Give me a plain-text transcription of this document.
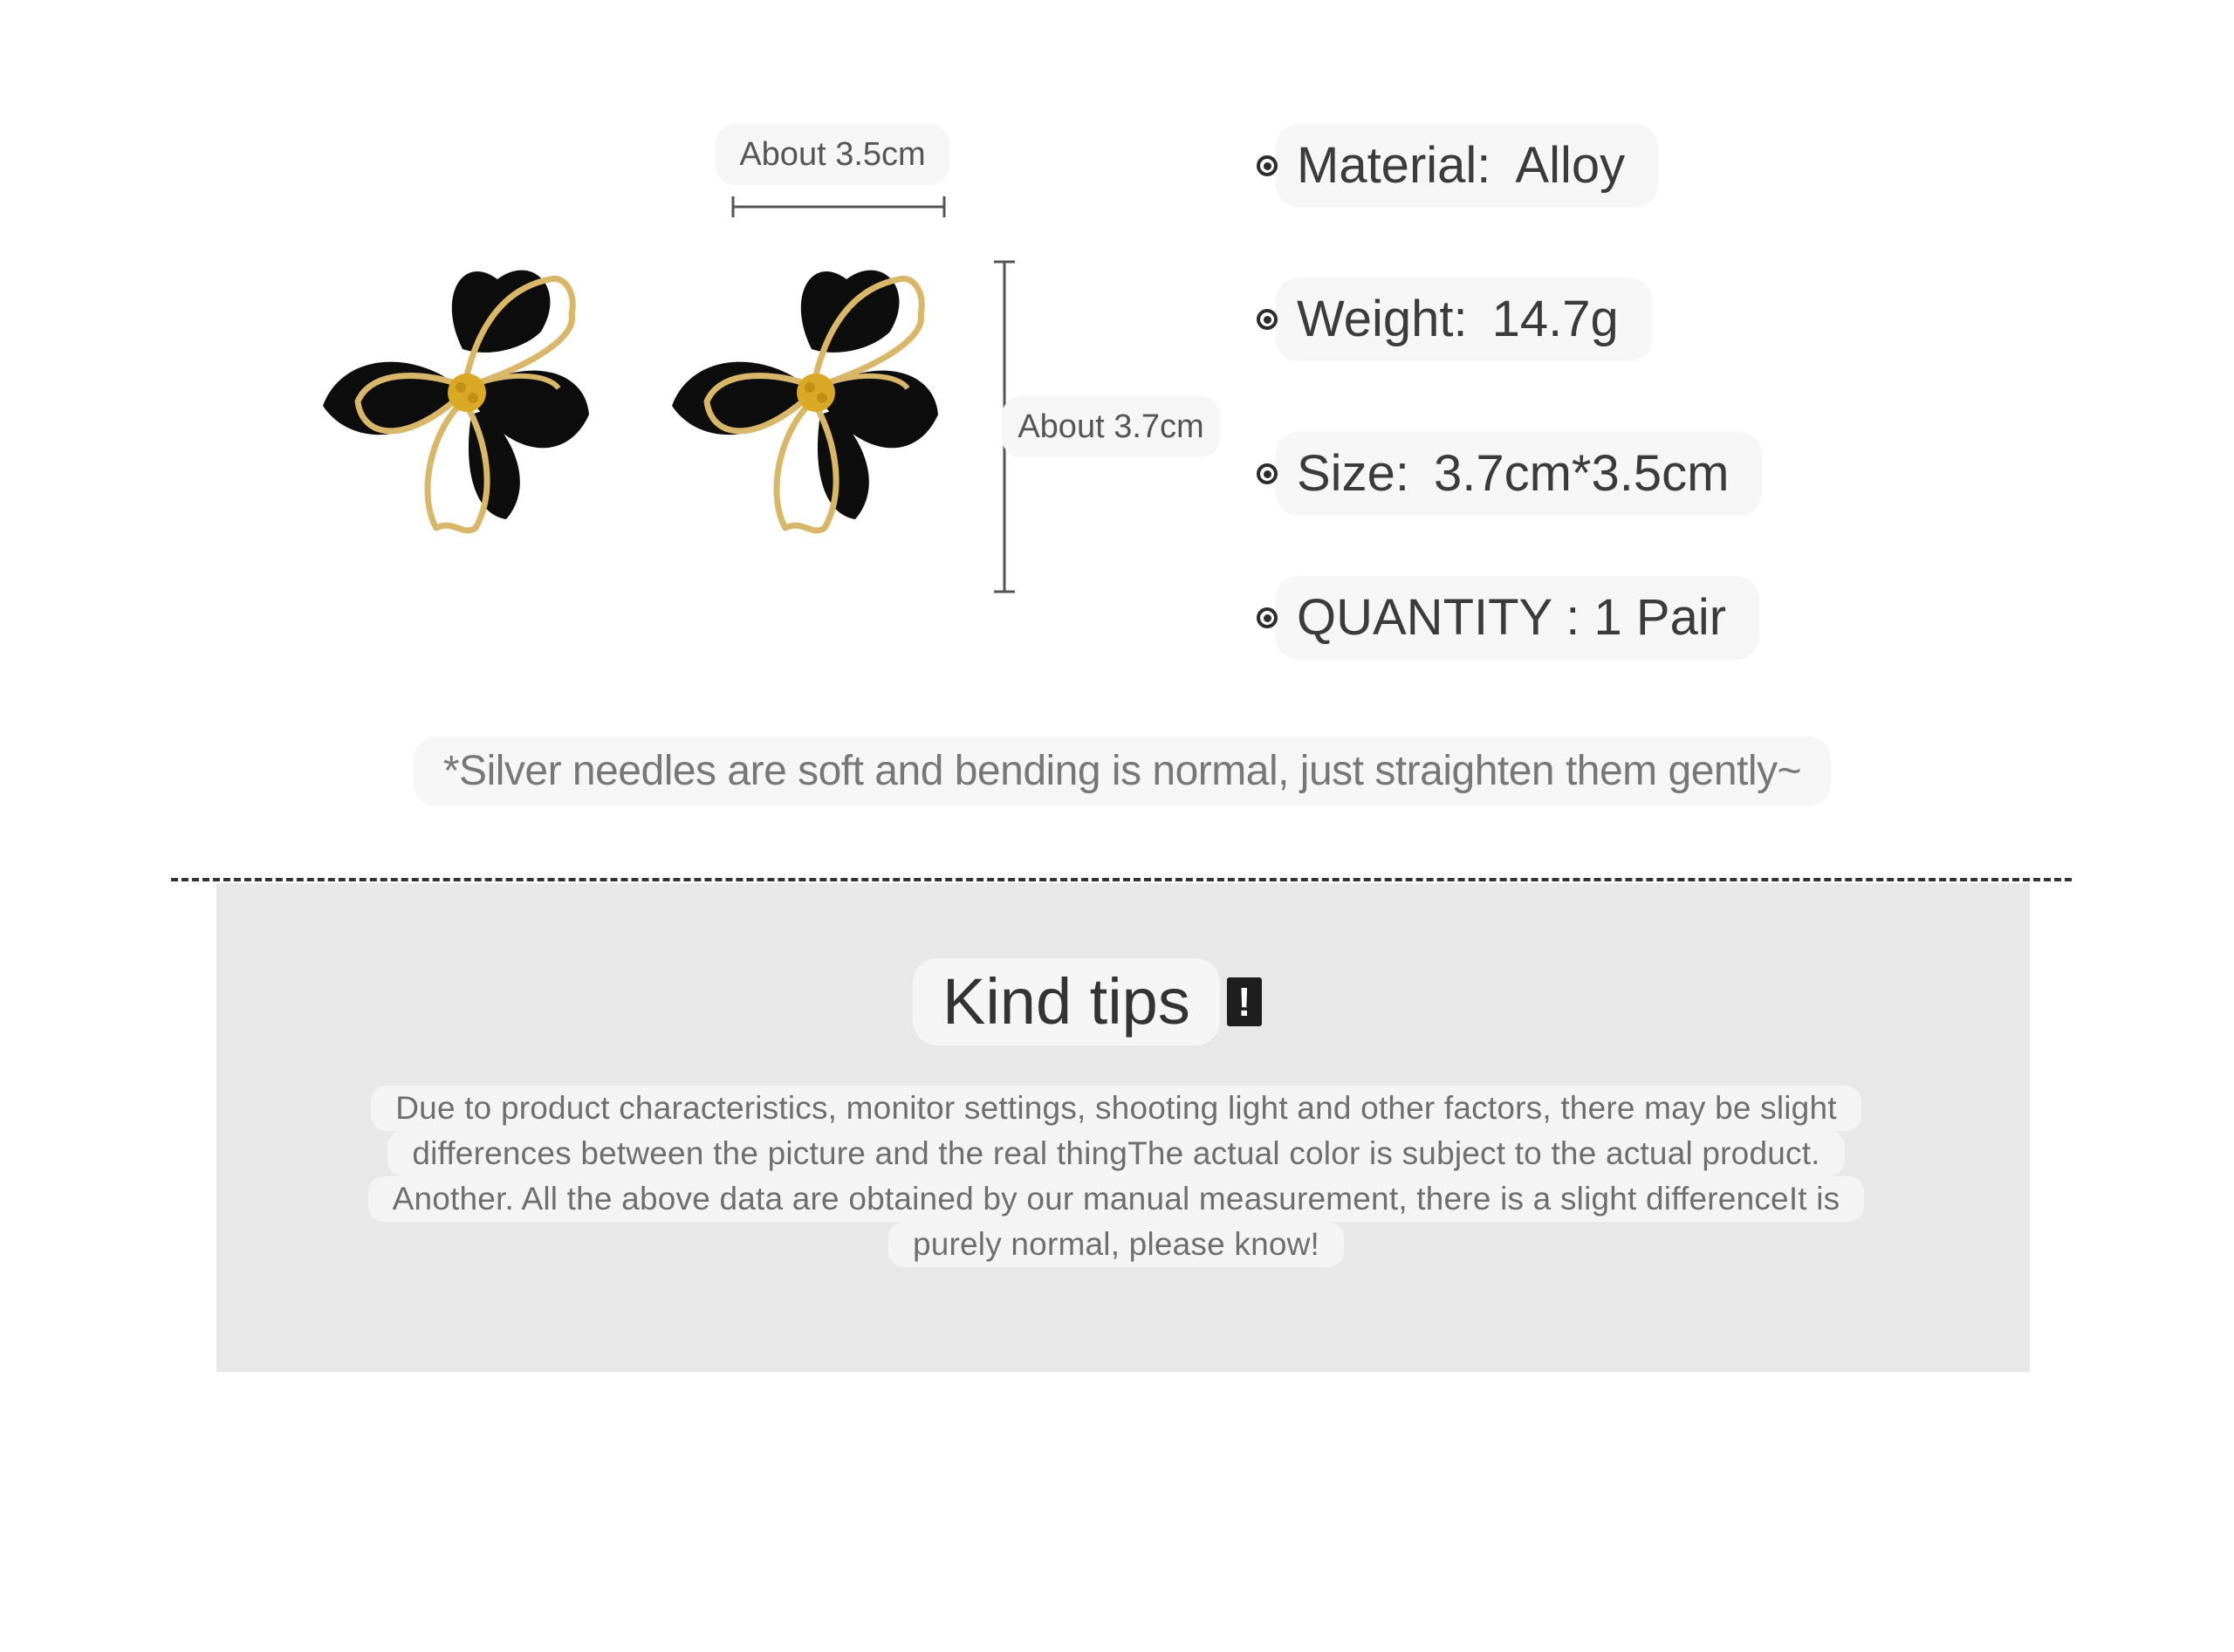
About 3.5cm
About 3.7cm
Material: Alloy
Weight: 14.7g
Size: 3.7cm*3.5cm
QUANTITY : 1 Pair
*Silver needles are soft and bending is normal, just straighten them gently~
Kind tips	!
Due to product characteristics, monitor settings, shooting light and other factors, there may be slight
differences between the picture and the real thingThe actual color is subject to the actual product.
Another. All the above data are obtained by our manual measurement, there is a slight differenceIt is
purely normal, please know!
